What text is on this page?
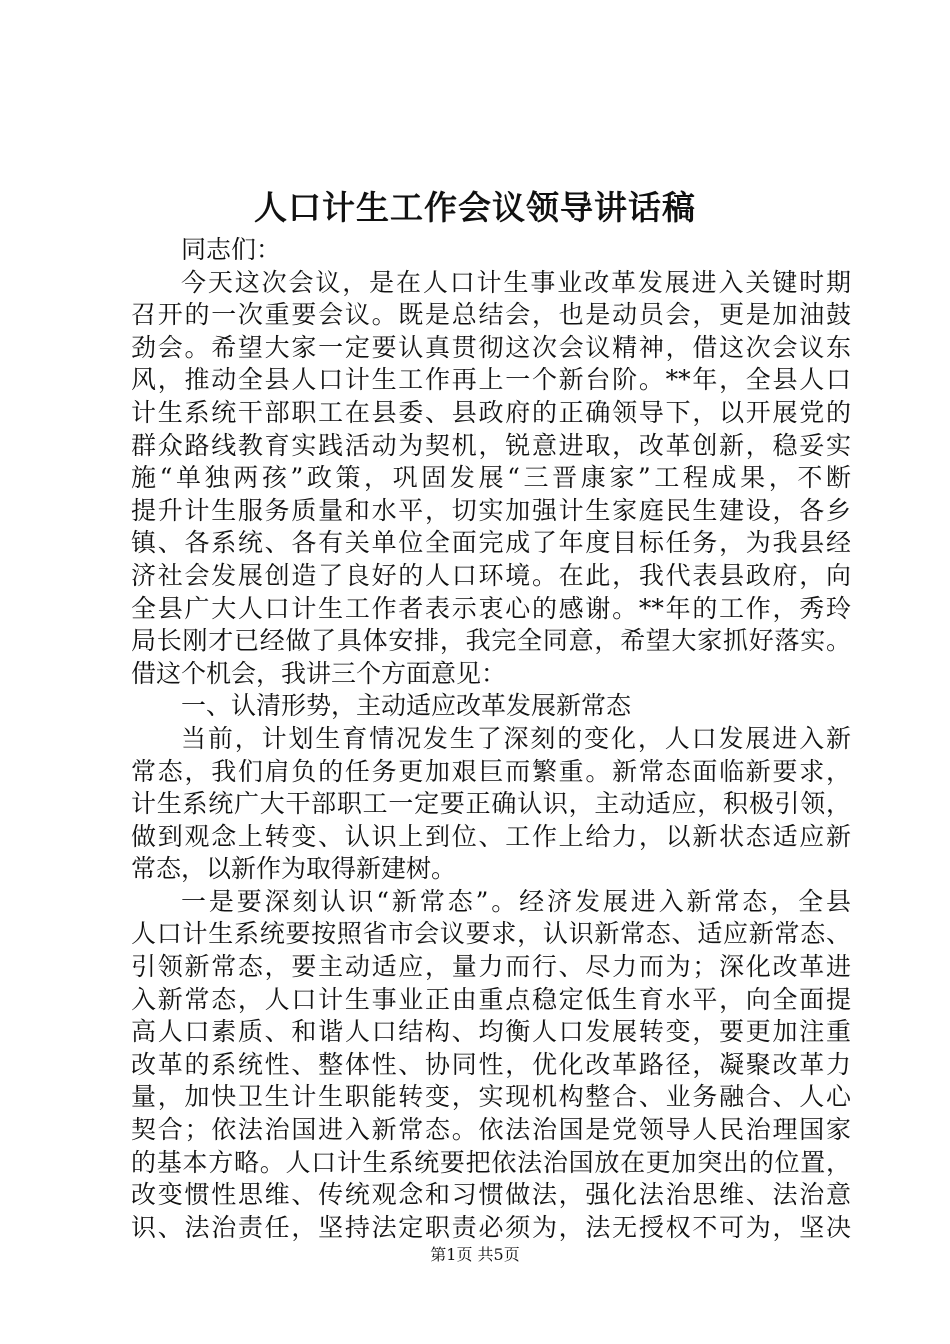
人口计生工作会议领导讲话稿
同志们：
今天这次会议，是在人口计生事业改革发展进入关键时期
召开的一次重要会议。既是总结会，也是动员会，更是加油鼓
劲会。希望大家一定要认真贯彻这次会议精神，借这次会议东
风，推动全县人口计生工作再上一个新台阶。**年，全县人口
计生系统干部职工在县委、县政府的正确领导下，以开展党的
群众路线教育实践活动为契机，锐意进取，改革创新，稳妥实
施“单独两孩”政策，巩固发展“三晋康家”工程成果，不断
提升计生服务质量和水平，切实加强计生家庭民生建设，各乡
镇、各系统、各有关单位全面完成了年度目标任务，为我县经
济社会发展创造了良好的人口环境。在此，我代表县政府，向
全县广大人口计生工作者表示衷心的感谢。**年的工作，秀玲
局长刚才已经做了具体安排，我完全同意，希望大家抓好落实。
借这个机会，我讲三个方面意见：
一、认清形势，主动适应改革发展新常态
当前，计划生育情况发生了深刻的变化，人口发展进入新
常态，我们肩负的任务更加艰巨而繁重。新常态面临新要求，
计生系统广大干部职工一定要正确认识，主动适应，积极引领，
做到观念上转变、认识上到位、工作上给力，以新状态适应新
常态，以新作为取得新建树。
一是要深刻认识“新常态”。经济发展进入新常态，全县
人口计生系统要按照省市会议要求，认识新常态、适应新常态、
引领新常态，要主动适应，量力而行、尽力而为；深化改革进
入新常态，人口计生事业正由重点稳定低生育水平，向全面提
高人口素质、和谐人口结构、均衡人口发展转变，要更加注重
改革的系统性、整体性、协同性，优化改革路径，凝聚改革力
量，加快卫生计生职能转变，实现机构整合、业务融合、人心
契合；依法治国进入新常态。依法治国是党领导人民治理国家
的基本方略。人口计生系统要把依法治国放在更加突出的位置，
改变惯性思维、传统观念和习惯做法，强化法治思维、法治意
识、法治责任，坚持法定职责必须为，法无授权不可为，坚决
第1页 共5页
